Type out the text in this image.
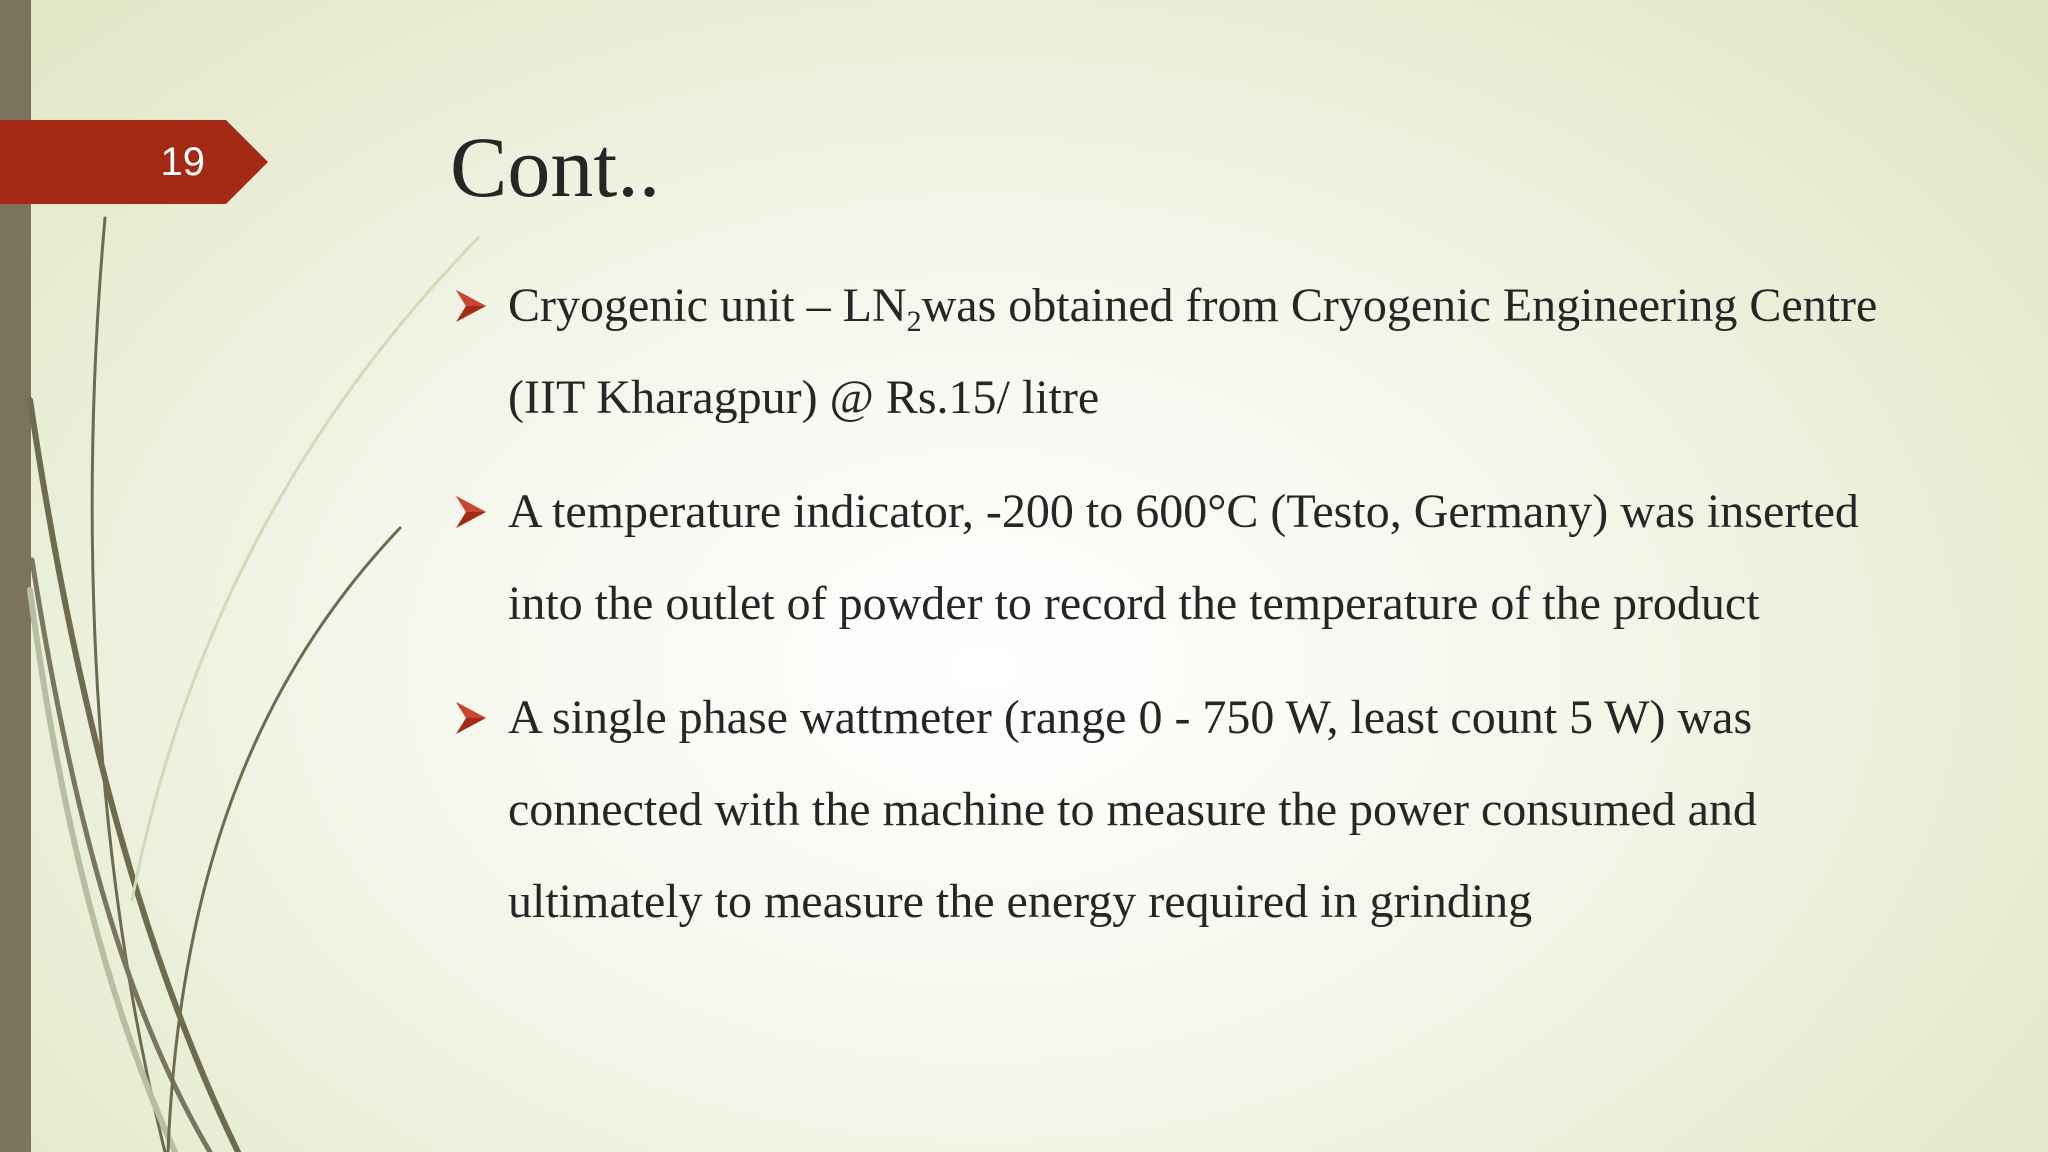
19	Cont..
Cryogenic unit – $LN_2was$ obtained from Cryogenic Engineering Centre (IIT Kharagpur) @ Rs.15/ litre
A temperature indicator, -200 to 600°C (Testo, Germany) was inserted into the outlet of powder to record the temperature of the product
A single phase wattmeter (range 0 - 750 W, least count 5 W) was connected with the machine to measure the power consumed and ultimately to measure the energy required in grinding
